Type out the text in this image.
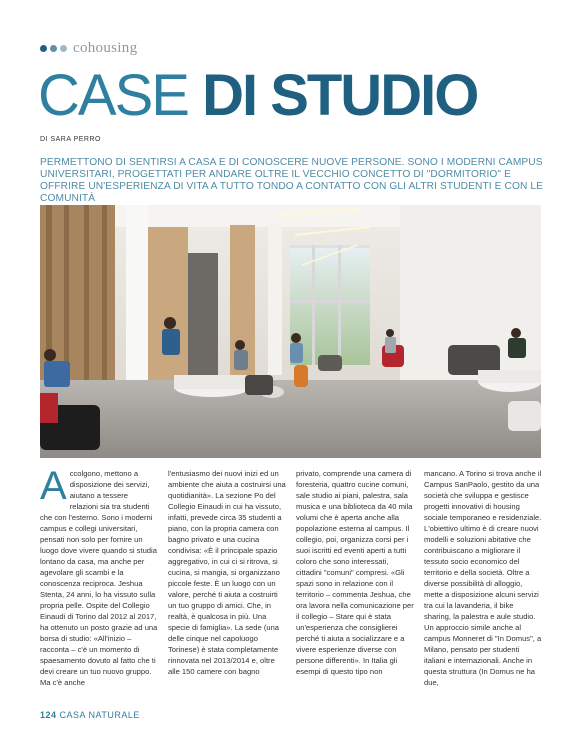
cohousing
CASE DI STUDIO
DI SARA PERRO
PERMETTONO DI SENTIRSI A CASA E DI CONOSCERE NUOVE PERSONE. SONO I MODERNI CAMPUS UNIVERSITARI, PROGETTATI PER ANDARE OLTRE IL VECCHIO CONCETTO DI "DORMITORIO" E OFFRIRE UN'ESPERIENZA DI VITA A TUTTO TONDO A CONTATTO CON GLI ALTRI STUDENTI E CON LE COMUNITÀ
Accolgono, mettono a disposizione dei servizi, aiutano a tessere relazioni sia tra studenti che con l'esterno. Sono i moderni campus e collegi universitari, pensati non solo per fornire un luogo dove vivere quando si studia lontano da casa, ma anche per agevolare gli scambi e la conoscenza reciproca. Jeshua Stenta, 24 anni, lo ha vissuto sulla propria pelle. Ospite del Collegio Einaudi di Torino dal 2012 al 2017, ha ottenuto un posto grazie ad una borsa di studio: «All'inizio – racconta – c'è un momento di spaesamento dovuto al fatto che ti devi creare un tuo nuovo gruppo. Ma c'è anche
l'entusiasmo dei nuovi inizi ed un ambiente che aiuta a costruirsi una quotidianità». La sezione Po del Collegio Einaudi in cui ha vissuto, infatti, prevede circa 35 studenti a piano, con la propria camera con bagno privato e una cucina condivisa: «È il principale spazio aggregativo, in cui ci si ritrova, si cucina, si mangia, si organizzano piccole feste. È un luogo con un valore, perché ti aiuta a costruirti un tuo gruppo di amici. Che, in realtà, è qualcosa in più. Una specie di famiglia». La sede (una delle cinque nel capoluogo Torinese) è stata completamente rinnovata nel 2013/2014 e, oltre alle 150 camere con bagno
privato, comprende una camera di foresteria, quattro cucine comuni, sale studio ai piani, palestra, sala musica e una biblioteca da 40 mila volumi che è aperta anche alla popolazione esterna al campus. Il collegio, poi, organizza corsi per i suoi iscritti ed eventi aperti a tutti coloro che sono interessati, cittadini "comuni" compresi. «Gli spazi sono in relazione con il territorio – commenta Jeshua, che ora lavora nella comunicazione per il collegio – Stare qui è stata un'esperienza che consiglierei perché ti aiuta a socializzare e a vivere esperienze diverse con persone differenti». In Italia gli esempi di questo tipo non
mancano. A Torino si trova anche il Campus SanPaolo, gestito da una società che sviluppa e gestisce progetti innovativi di housing sociale temporaneo e residenziale. L'obiettivo ultimo è di creare nuovi modelli e soluzioni abitative che contribuiscano a migliorare il tessuto socio economico del territorio e della società. Oltre a diverse possibilità di alloggio, mette a disposizione alcuni servizi tra cui la lavanderia, il bike sharing, la palestra e aule studio. Un approccio simile anche al campus Monneret di "In Domus", a Milano, pensato per studenti italiani e internazionali. Anche in questa struttura (In Domus ne ha due,
124 CASA NATURALE
